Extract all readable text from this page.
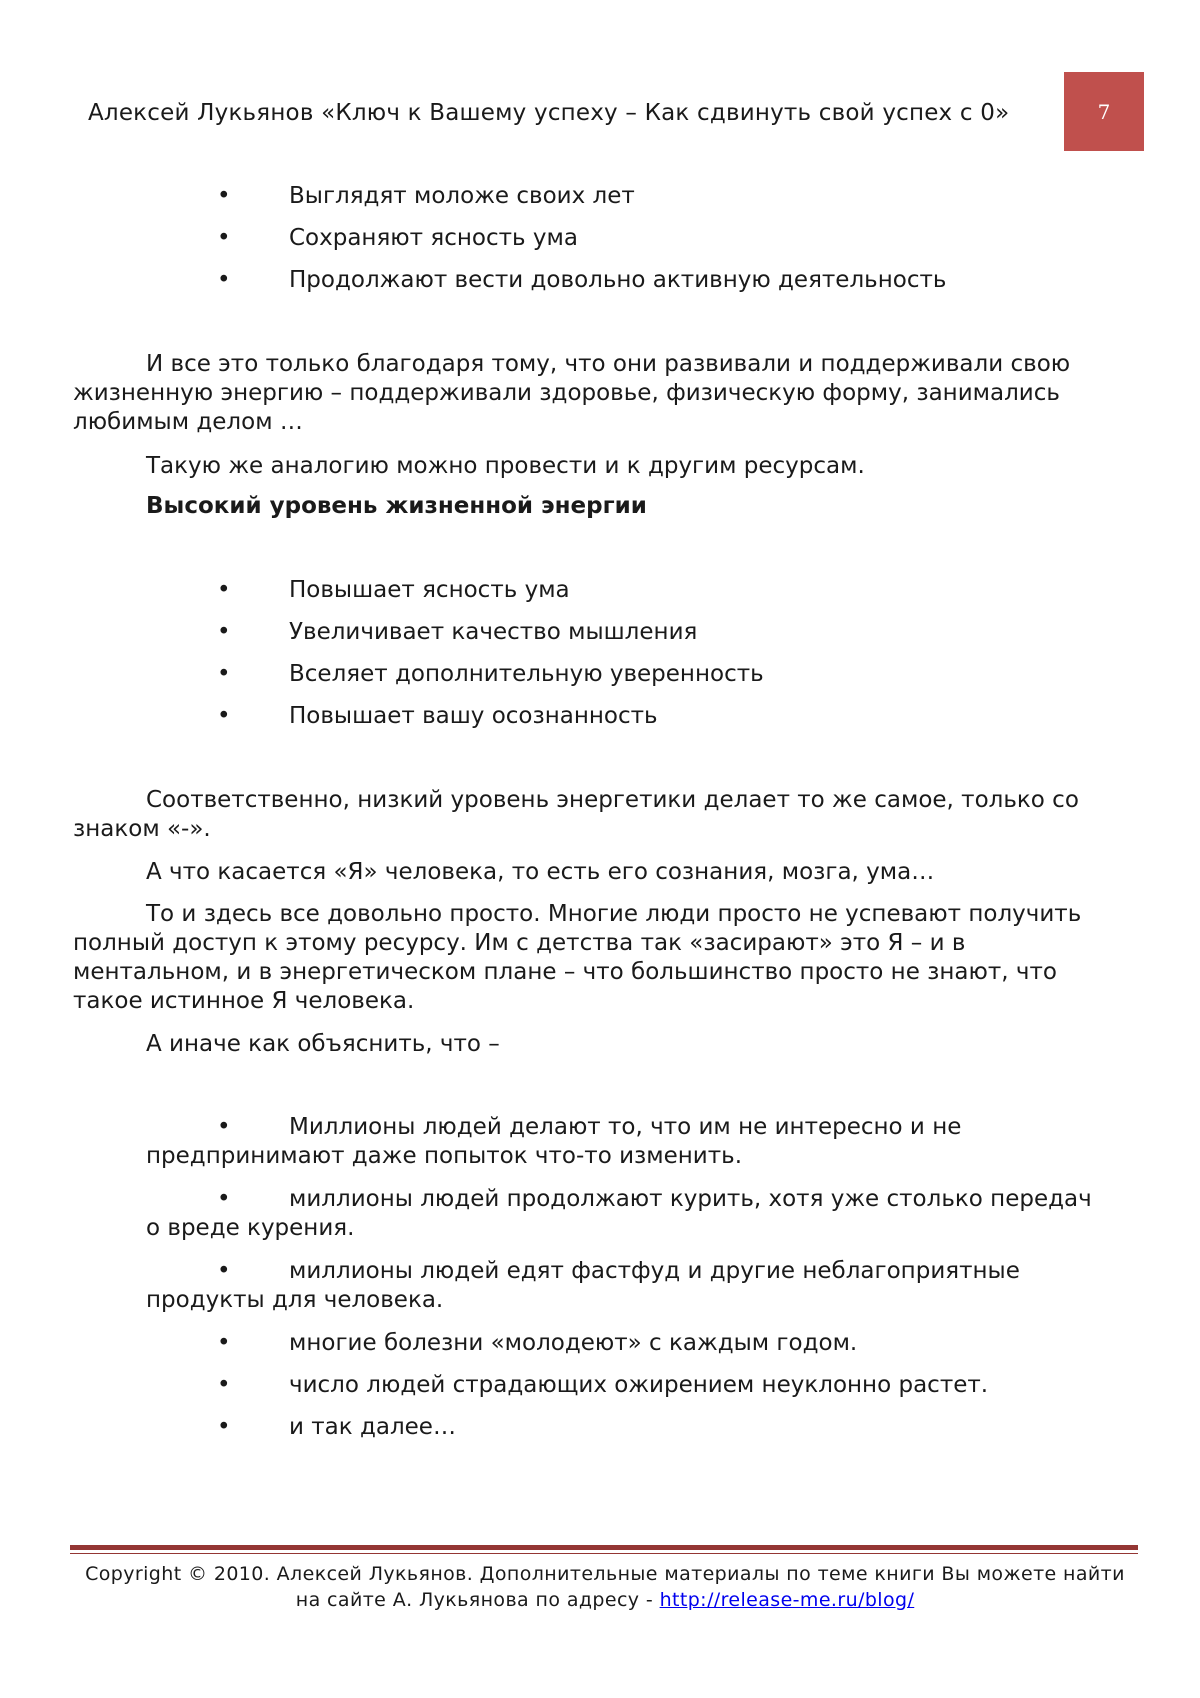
Алексей Лукьянов «Ключ к Вашему успеху – Как сдвинуть свой успех с 0»	7
•	Выглядят моложе своих лет
•	Сохраняют ясность ума
•	Продолжают вести довольно активную деятельность
И все это только благодаря тому, что они развивали и поддерживали свою
жизненную энергию – поддерживали здоровье, физическую форму, занимались
любимым делом …
Такую же аналогию можно провести и к другим ресурсам.
Высокий уровень жизненной энергии
•	Повышает ясность ума
•	Увеличивает качество мышления
•	Вселяет дополнительную уверенность
•	Повышает вашу осознанность
Соответственно, низкий уровень энергетики делает то же самое, только со
знаком «-».
А что касается «Я» человека, то есть его сознания, мозга, ума…
То и здесь все довольно просто. Многие люди просто не успевают получить
полный доступ к этому ресурсу. Им с детства так «засирают» это Я – и в
ментальном, и в энергетическом плане – что большинство просто не знают, что
такое истинное Я человека.
А иначе как объяснить, что –
•	Миллионы людей делают то, что им не интересно и не
предпринимают даже попыток что-то изменить.
•	миллионы людей продолжают курить, хотя уже столько передач
о вреде курения.
•	миллионы людей едят фастфуд и другие неблагоприятные
продукты для человека.
•	многие болезни «молодеют» с каждым годом.
•	число людей страдающих ожирением неуклонно растет.
•	и так далее…
Copyright © 2010. Алексей Лукьянов. Дополнительные материалы по теме книги Вы можете найти
на сайте А. Лукьянова по адресу - http://release-me.ru/blog/
